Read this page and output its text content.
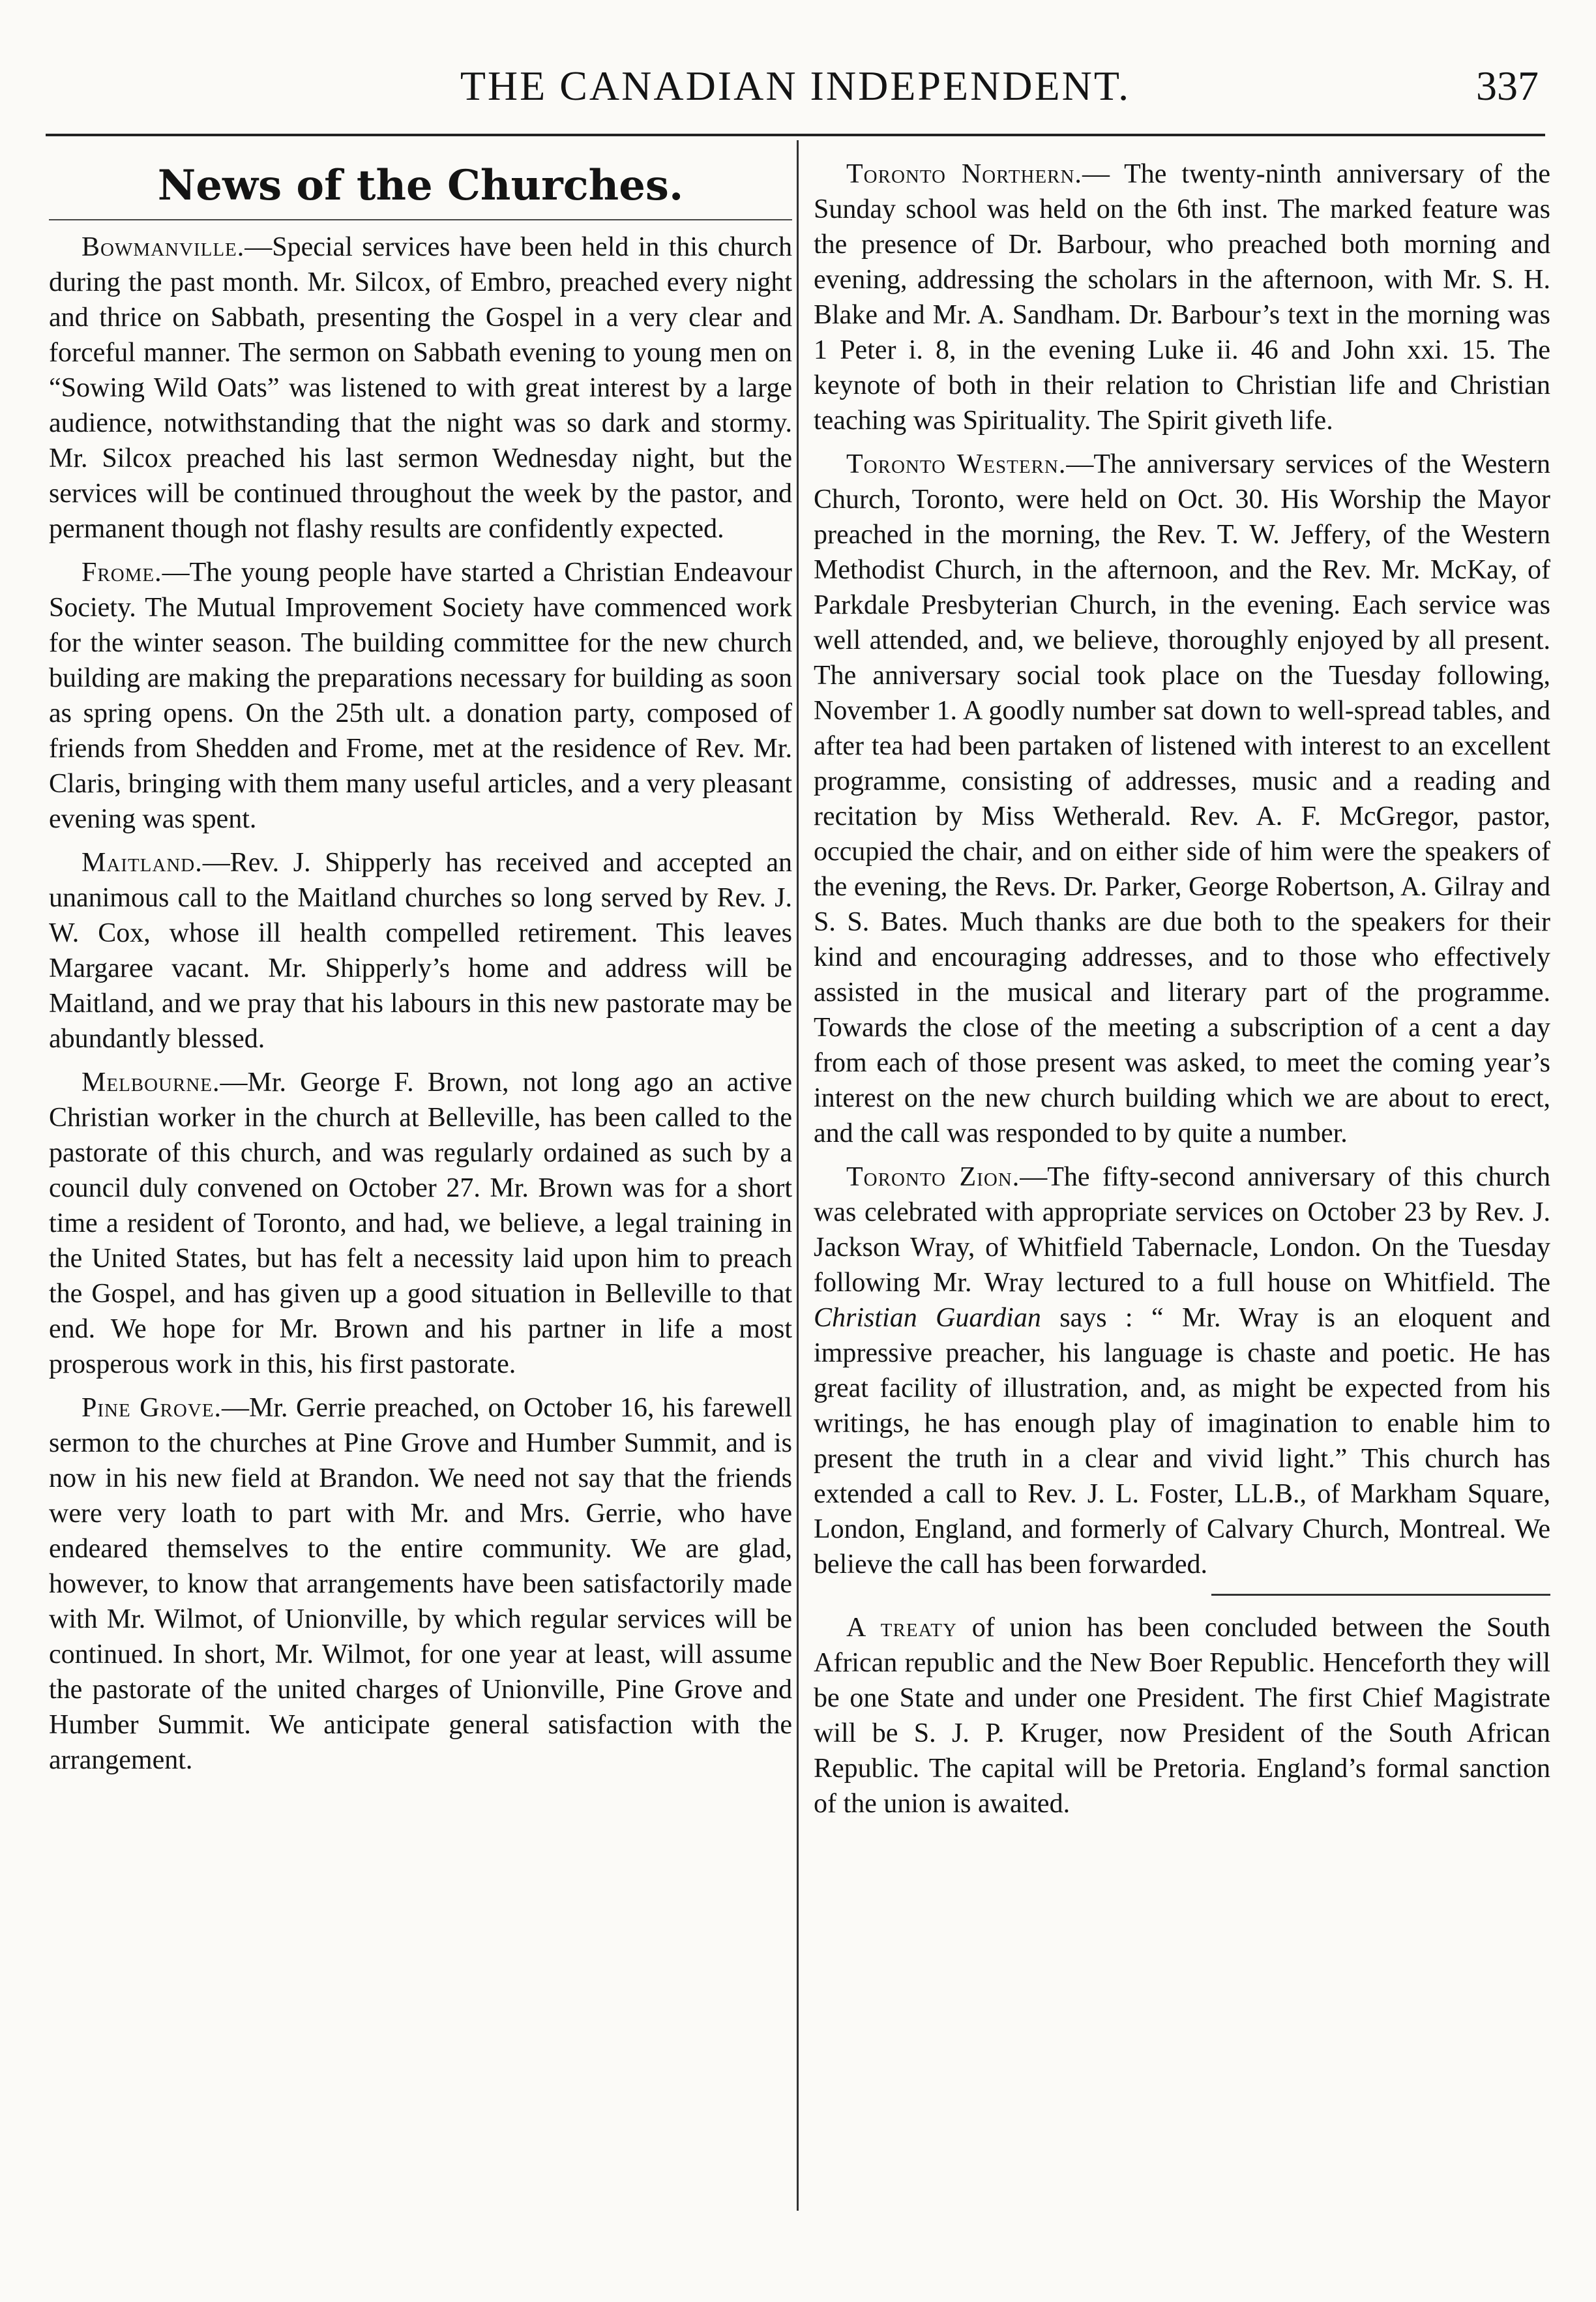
THE CANADIAN INDEPENDENT.	337
News of the Churches.

Bowmanville.—Special services have been held in this church during the past month. Mr. Silcox, of Embro, preached every night and thrice on Sabbath, presenting the Gospel in a very clear and forceful manner. The sermon on Sabbath evening to young men on “Sowing Wild Oats” was listened to with great interest by a large audience, notwithstanding that the night was so dark and stormy. Mr. Silcox preached his last sermon Wednesday night, but the services will be continued throughout the week by the pastor, and permanent though not flashy results are confidently expected.

Frome.—The young people have started a Christian Endeavour Society. The Mutual Improvement Society have commenced work for the winter season. The building committee for the new church building are making the preparations necessary for building as soon as spring opens. On the 25th ult. a donation party, composed of friends from Shedden and Frome, met at the residence of Rev. Mr. Claris, bringing with them many useful articles, and a very pleasant evening was spent.

Maitland.—Rev. J. Shipperly has received and accepted an unanimous call to the Maitland churches so long served by Rev. J. W. Cox, whose ill health compelled retirement. This leaves Margaree vacant. Mr. Shipperly’s home and address will be Maitland, and we pray that his labours in this new pastorate may be abundantly blessed.

Melbourne.—Mr. George F. Brown, not long ago an active Christian worker in the church at Belleville, has been called to the pastorate of this church, and was regularly ordained as such by a council duly convened on October 27. Mr. Brown was for a short time a resident of Toronto, and had, we believe, a legal training in the United States, but has felt a necessity laid upon him to preach the Gospel, and has given up a good situation in Belleville to that end. We hope for Mr. Brown and his partner in life a most prosperous work in this, his first pastorate.

Pine Grove.—Mr. Gerrie preached, on October 16, his farewell sermon to the churches at Pine Grove and Humber Summit, and is now in his new field at Brandon. We need not say that the friends were very loath to part with Mr. and Mrs. Gerrie, who have endeared themselves to the entire community. We are glad, however, to know that arrangements have been satisfactorily made with Mr. Wilmot, of Unionville, by which regular services will be continued. In short, Mr. Wilmot, for one year at least, will assume the pastorate of the united charges of Unionville, Pine Grove and Humber Summit. We anticipate general satisfaction with the arrangement.

Toronto Northern.— The twenty-ninth anniversary of the Sunday school was held on the 6th inst. The marked feature was the presence of Dr. Barbour, who preached both morning and evening, addressing the scholars in the afternoon, with Mr. S. H. Blake and Mr. A. Sandham. Dr. Barbour’s text in the morning was 1 Peter i. 8, in the evening Luke ii. 46 and John xxi. 15. The keynote of both in their relation to Christian life and Christian teaching was Spirituality. The Spirit giveth life.

Toronto Western.—The anniversary services of the Western Church, Toronto, were held on Oct. 30. His Worship the Mayor preached in the morning, the Rev. T. W. Jeffery, of the Western Methodist Church, in the afternoon, and the Rev. Mr. McKay, of Parkdale Presbyterian Church, in the evening. Each service was well attended, and, we believe, thoroughly enjoyed by all present. The anniversary social took place on the Tuesday following, November 1. A goodly number sat down to well-spread tables, and after tea had been partaken of listened with interest to an excellent programme, consisting of addresses, music and a reading and recitation by Miss Wetherald. Rev. A. F. McGregor, pastor, occupied the chair, and on either side of him were the speakers of the evening, the Revs. Dr. Parker, George Robertson, A. Gilray and S. S. Bates. Much thanks are due both to the speakers for their kind and encouraging addresses, and to those who effectively assisted in the musical and literary part of the programme. Towards the close of the meeting a subscription of a cent a day from each of those present was asked, to meet the coming year’s interest on the new church building which we are about to erect, and the call was responded to by quite a number.

Toronto Zion.—The fifty-second anniversary of this church was celebrated with appropriate services on October 23 by Rev. J. Jackson Wray, of Whitfield Tabernacle, London. On the Tuesday following Mr. Wray lectured to a full house on Whitfield. The Christian Guardian says : “ Mr. Wray is an eloquent and impressive preacher, his language is chaste and poetic. He has great facility of illustration, and, as might be expected from his writings, he has enough play of imagination to enable him to present the truth in a clear and vivid light.” This church has extended a call to Rev. J. L. Foster, LL.B., of Markham Square, London, England, and formerly of Calvary Church, Montreal. We believe the call has been forwarded.

A treaty of union has been concluded between the South African republic and the New Boer Republic. Henceforth they will be one State and under one President. The first Chief Magistrate will be S. J. P. Kruger, now President of the South African Republic. The capital will be Pretoria. England’s formal sanction of the union is awaited.
